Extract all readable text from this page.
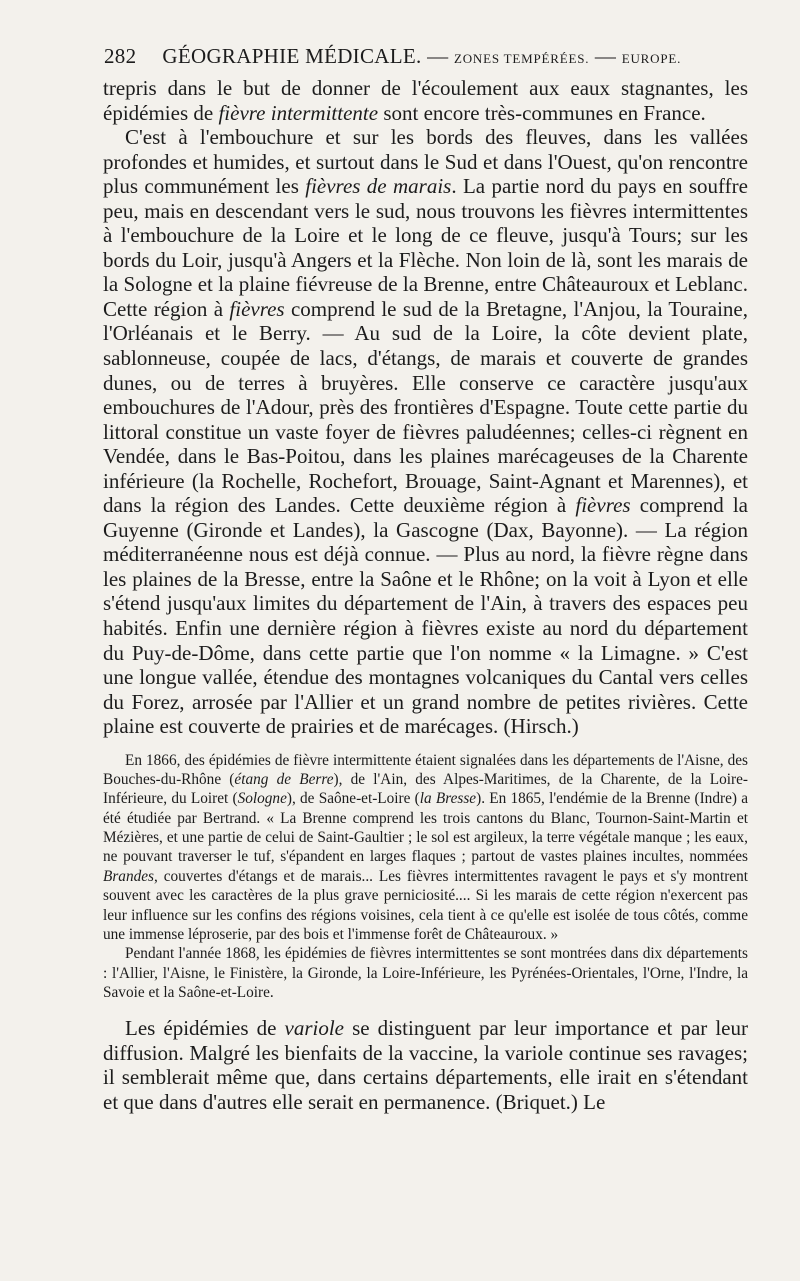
282 GÉOGRAPHIE MÉDICALE. — ZONES TEMPÉRÉES. — EUROPE.

trepris dans le but de donner de l'écoulement aux eaux stagnantes, les épidémies de fièvre intermittente sont encore très-communes en France.

C'est à l'embouchure et sur les bords des fleuves, dans les vallées profondes et humides, et surtout dans le Sud et dans l'Ouest, qu'on rencontre plus communément les fièvres de marais. La partie nord du pays en souffre peu, mais en descendant vers le sud, nous trouvons les fièvres intermittentes à l'embouchure de la Loire et le long de ce fleuve, jusqu'à Tours; sur les bords du Loir, jusqu'à Angers et la Flèche. Non loin de là, sont les marais de la Sologne et la plaine fiévreuse de la Brenne, entre Châteauroux et Leblanc. Cette région à fièvres comprend le sud de la Bretagne, l'Anjou, la Touraine, l'Orléanais et le Berry. — Au sud de la Loire, la côte devient plate, sablonneuse, coupée de lacs, d'étangs, de marais et couverte de grandes dunes, ou de terres à bruyères. Elle conserve ce caractère jusqu'aux embouchures de l'Adour, près des frontières d'Espagne. Toute cette partie du littoral constitue un vaste foyer de fièvres paludéennes; celles-ci règnent en Vendée, dans le Bas-Poitou, dans les plaines marécageuses de la Charente inférieure (la Rochelle, Rochefort, Brouage, Saint-Agnant et Marennes), et dans la région des Landes. Cette deuxième région à fièvres comprend la Guyenne (Gironde et Landes), la Gascogne (Dax, Bayonne). — La région méditerranéenne nous est déjà connue. — Plus au nord, la fièvre règne dans les plaines de la Bresse, entre la Saône et le Rhône; on la voit à Lyon et elle s'étend jusqu'aux limites du département de l'Ain, à travers des espaces peu habités. Enfin une dernière région à fièvres existe au nord du département du Puy-de-Dôme, dans cette partie que l'on nomme « la Limagne. » C'est une longue vallée, étendue des montagnes volcaniques du Cantal vers celles du Forez, arrosée par l'Allier et un grand nombre de petites rivières. Cette plaine est couverte de prairies et de marécages. (Hirsch.)

En 1866, des épidémies de fièvre intermittente étaient signalées dans les départements de l'Aisne, des Bouches-du-Rhône (étang de Berre), de l'Ain, des Alpes-Maritimes, de la Charente, de la Loire-Inférieure, du Loiret (Sologne), de Saône-et-Loire (la Bresse). En 1865, l'endémie de la Brenne (Indre) a été étudiée par Bertrand. « La Brenne comprend les trois cantons du Blanc, Tournon-Saint-Martin et Mézières, et une partie de celui de Saint-Gaultier ; le sol est argileux, la terre végétale manque ; les eaux, ne pouvant traverser le tuf, s'épandent en larges flaques ; partout de vastes plaines incultes, nommées Brandes, couvertes d'étangs et de marais... Les fièvres intermittentes ravagent le pays et s'y montrent souvent avec les caractères de la plus grave perniciosité.... Si les marais de cette région n'exercent pas leur influence sur les confins des régions voisines, cela tient à ce qu'elle est isolée de tous côtés, comme une immense léproserie, par des bois et l'immense forêt de Châteauroux. »

Pendant l'année 1868, les épidémies de fièvres intermittentes se sont montrées dans dix départements : l'Allier, l'Aisne, le Finistère, la Gironde, la Loire-Inférieure, les Pyrénées-Orientales, l'Orne, l'Indre, la Savoie et la Saône-et-Loire.

Les épidémies de variole se distinguent par leur importance et par leur diffusion. Malgré les bienfaits de la vaccine, la variole continue ses ravages; il semblerait même que, dans certains départements, elle irait en s'étendant et que dans d'autres elle serait en permanence. (Briquet.) Le
